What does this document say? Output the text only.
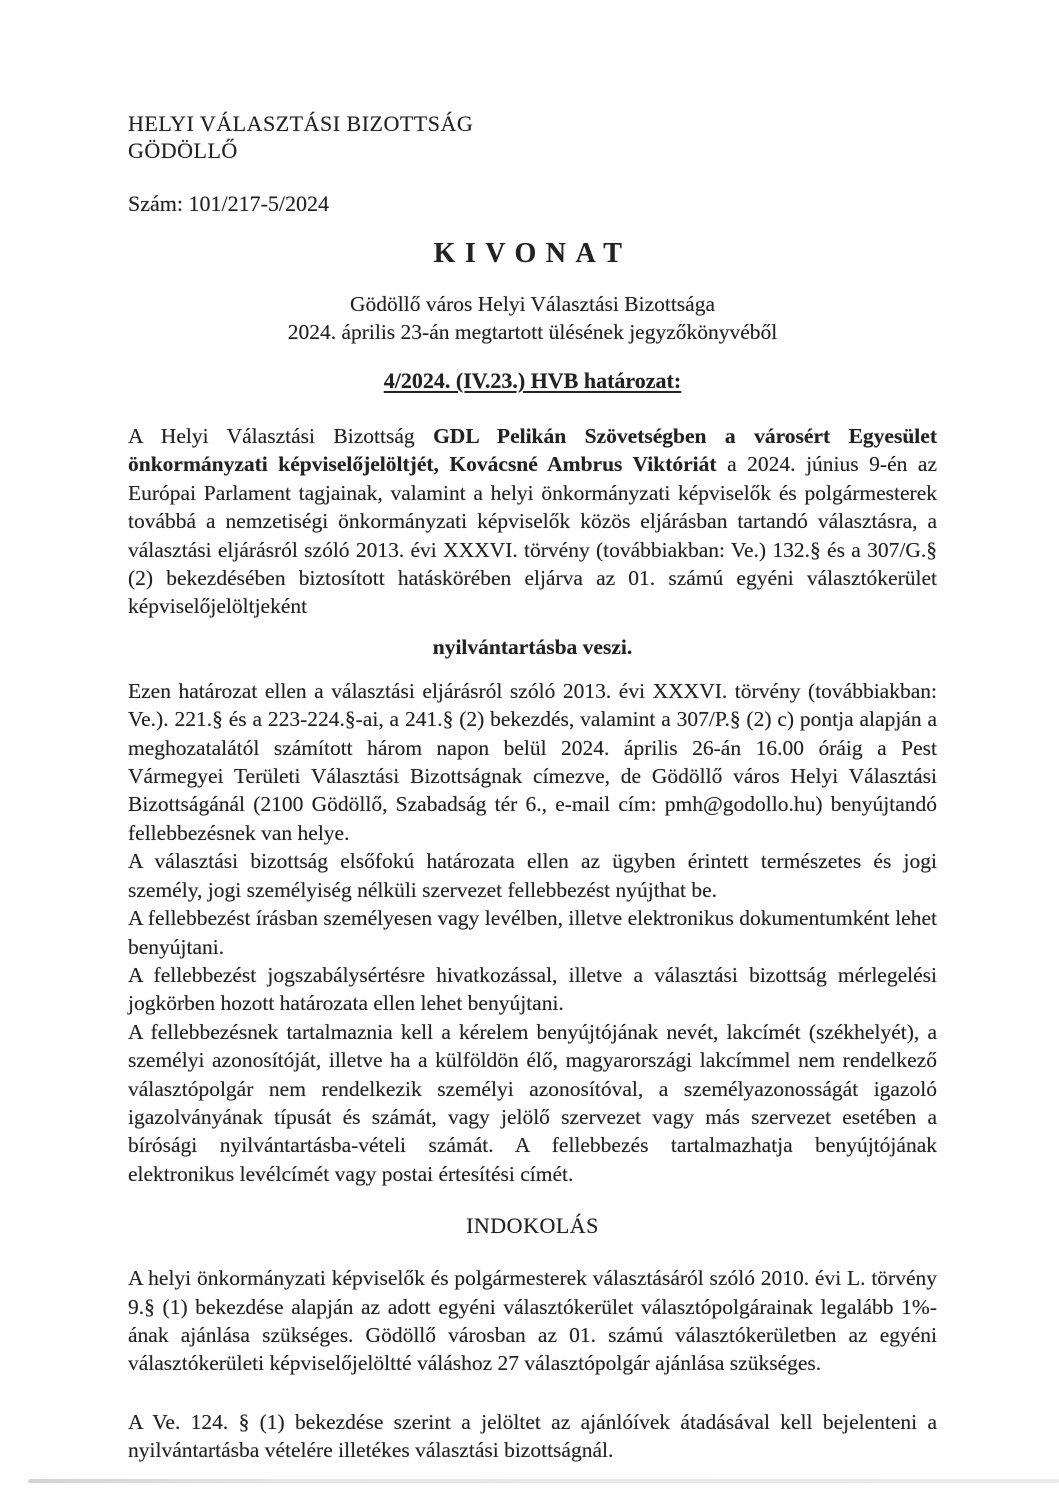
HELYI VÁLASZTÁSI BIZOTTSÁG
GÖDÖLLŐ
Szám: 101/217-5/2024
KIVONAT
Gödöllő város Helyi Választási Bizottsága
2024. április 23-án megtartott ülésének jegyzőkönyvéből
4/2024. (IV.23.) HVB határozat:
A Helyi Választási Bizottság GDL Pelikán Szövetségben a városért Egyesület önkormányzati képviselőjelöltjét, Kovácsné Ambrus Viktóriát a 2024. június 9-én az Európai Parlament tagjainak, valamint a helyi önkormányzati képviselők és polgármesterek továbbá a nemzetiségi önkormányzati képviselők közös eljárásban tartandó választásra, a választási eljárásról szóló 2013. évi XXXVI. törvény (továbbiakban: Ve.) 132.§ és a 307/G.§ (2) bekezdésében biztosított hatáskörében eljárva az 01. számú egyéni választókerület képviselőjelöltjeként
nyilvántartásba veszi.
Ezen határozat ellen a választási eljárásról szóló 2013. évi XXXVI. törvény (továbbiakban: Ve.). 221.§ és a 223-224.§-ai, a 241.§ (2) bekezdés, valamint a 307/P.§ (2) c) pontja alapján a meghozatalától számított három napon belül 2024. április 26-án 16.00 óráig a Pest Vármegyei Területi Választási Bizottságnak címezve, de Gödöllő város Helyi Választási Bizottságánál (2100 Gödöllő, Szabadság tér 6., e-mail cím: pmh@godollo.hu) benyújtandó fellebbezésnek van helye.
A választási bizottság elsőfokú határozata ellen az ügyben érintett természetes és jogi személy, jogi személyiség nélküli szervezet fellebbezést nyújthat be.
A fellebbezést írásban személyesen vagy levélben, illetve elektronikus dokumentumként lehet benyújtani.
A fellebbezést jogszabálysértésre hivatkozással, illetve a választási bizottság mérlegelési jogkörben hozott határozata ellen lehet benyújtani.
A fellebbezésnek tartalmaznia kell a kérelem benyújtójának nevét, lakcímét (székhelyét), a személyi azonosítóját, illetve ha a külföldön élő, magyarországi lakcímmel nem rendelkező választópolgár nem rendelkezik személyi azonosítóval, a személyazonosságát igazoló igazolványának típusát és számát, vagy jelölő szervezet vagy más szervezet esetében a bírósági nyilvántartásba-vételi számát. A fellebbezés tartalmazhatja benyújtójának elektronikus levélcímét vagy postai értesítési címét.
INDOKOLÁS
A helyi önkormányzati képviselők és polgármesterek választásáról szóló 2010. évi L. törvény 9.§ (1) bekezdése alapján az adott egyéni választókerület választópolgárainak legalább 1%-ának ajánlása szükséges. Gödöllő városban az 01. számú választókerületben az egyéni választókerületi képviselőjelöltté váláshoz 27 választópolgár ajánlása szükséges.
A Ve. 124. § (1) bekezdése szerint a jelöltet az ajánlóívek átadásával kell bejelenteni a nyilvántartásba vételére illetékes választási bizottságnál.
